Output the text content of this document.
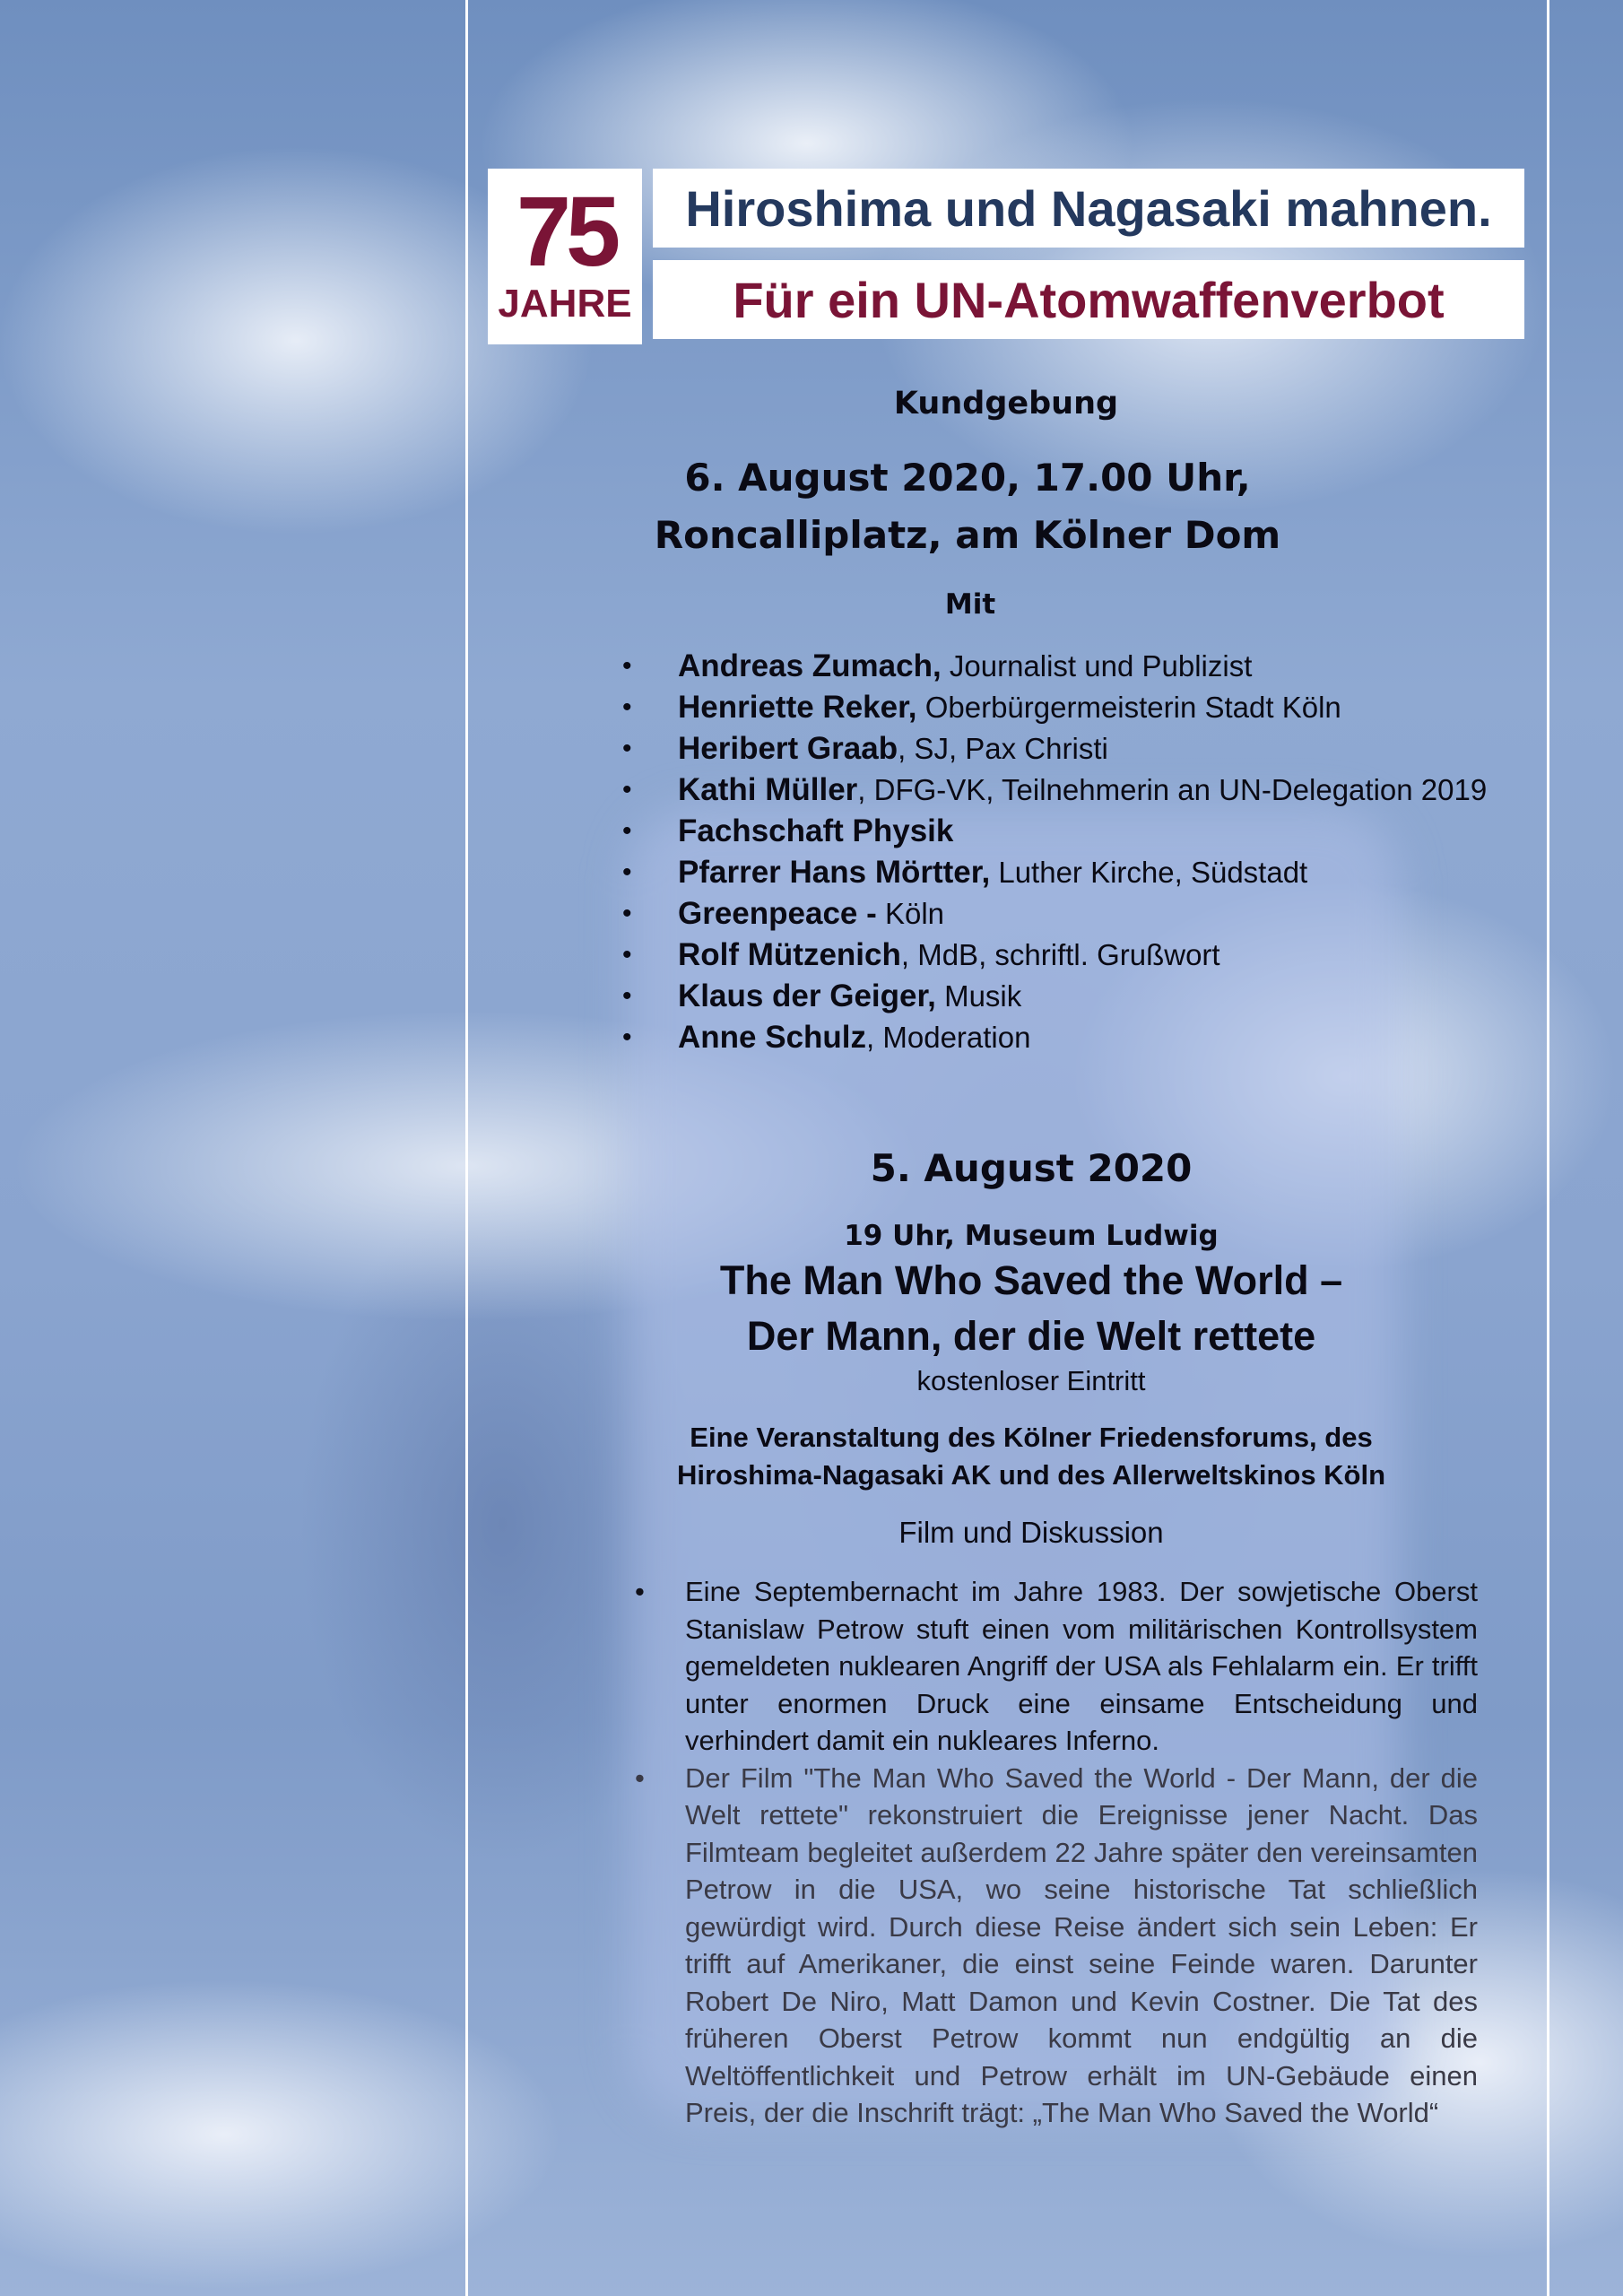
75
JAHRE
Hiroshima und Nagasaki mahnen.
Für ein UN-Atomwaffenverbot
Kundgebung
6. August 2020, 17.00 Uhr,
Roncalliplatz, am Kölner Dom
Mit
• Andreas Zumach, Journalist und Publizist
• Henriette Reker, Oberbürgermeisterin Stadt Köln
• Heribert Graab, SJ, Pax Christi
• Kathi Müller, DFG-VK, Teilnehmerin an UN-Delegation 2019
• Fachschaft Physik
• Pfarrer Hans Mörtter, Luther Kirche, Südstadt
• Greenpeace - Köln
• Rolf Mützenich, MdB, schriftl. Grußwort
• Klaus der Geiger, Musik
• Anne Schulz, Moderation
5. August 2020
19 Uhr, Museum Ludwig
The Man Who Saved the World –
Der Mann, der die Welt rettete
kostenloser Eintritt
Eine Veranstaltung des Kölner Friedensforums, des
Hiroshima-Nagasaki AK und des Allerweltskinos Köln
Film und Diskussion
• Eine Septembernacht im Jahre 1983. Der sowjetische Oberst Stanislaw Petrow stuft einen vom militärischen Kontrollsystem gemeldeten nuklearen Angriff der USA als Fehlalarm ein. Er trifft unter enormen Druck eine einsame Entscheidung und verhindert damit ein nukleares Inferno.
• Der Film "The Man Who Saved the World - Der Mann, der die Welt rettete" rekonstruiert die Ereignisse jener Nacht. Das Filmteam begleitet außerdem 22 Jahre später den vereinsamten Petrow in die USA, wo seine historische Tat schließlich gewürdigt wird. Durch diese Reise ändert sich sein Leben: Er trifft auf Amerikaner, die einst seine Feinde waren. Darunter Robert De Niro, Matt Damon und Kevin Costner. Die Tat des früheren Oberst Petrow kommt nun endgültig an die Weltöffentlichkeit und Petrow erhält im UN-Gebäude einen Preis, der die Inschrift trägt: „The Man Who Saved the World“
